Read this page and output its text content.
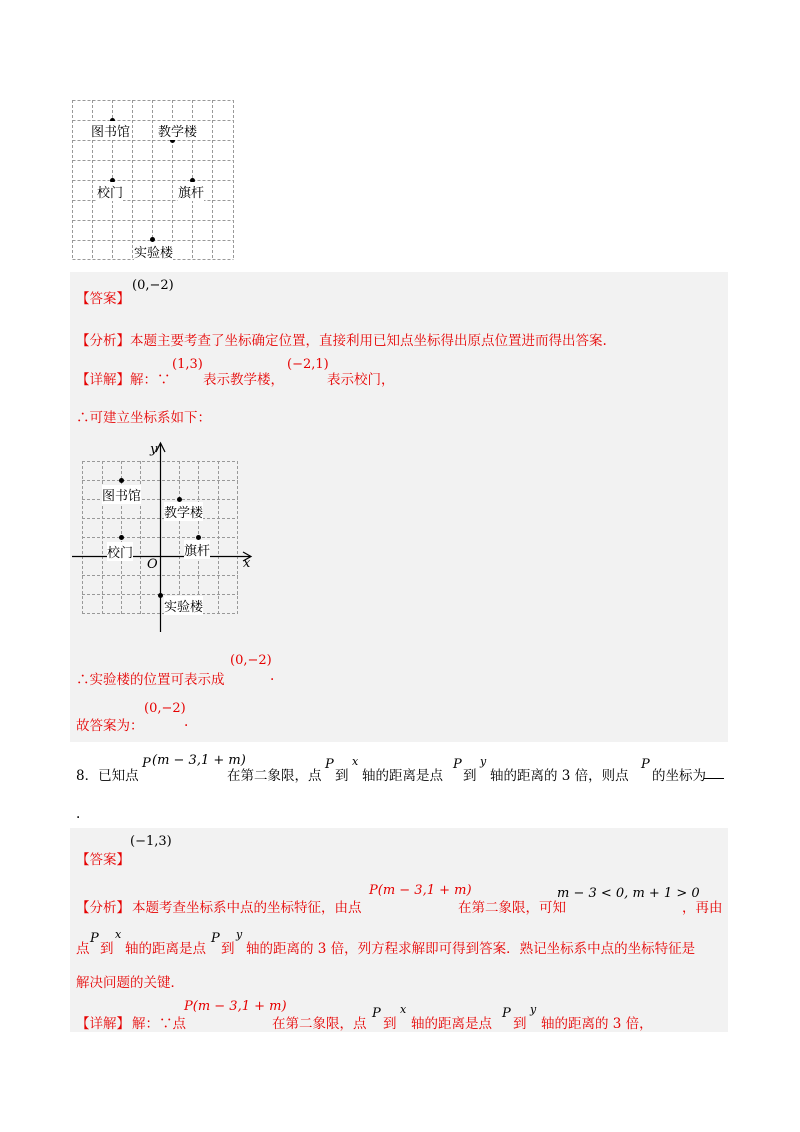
图书馆 教学楼
校门	旗杆
实验楼
【答案】
(0,−2)
【分析】本题主要考查了坐标确定位置，直接利用已知点坐标得出原点位置进而得出答案.
【详解】解：∵
(1,3)
表示教学楼，
(−2,1)
表示校门，
∴可建立坐标系如下：
y
x
O
图书馆
教学楼
校门	旗杆
实验楼
∴实验楼的位置可表示成
(0,−2)
.
故答案为：
(0,−2)
.
8．已知点
P (m − 3,1 + m)
在第二象限，点
P
到
x
轴的距离是点
P
到
y
轴的距离的 3 倍，则点
P
的坐标为
.
【答案】
(−1,3)
【分析】 本题考查坐标系中点的坐标特征，由点
P(m − 3,1 + m)
在第二象限，可知
m − 3 < 0, m + 1 > 0
，再由
点
P
到
x
轴的距离是点
P
到
y
轴的距离的 3 倍，列方程求解即可得到答案．熟记坐标系中点的坐标特征是
解决问题的关键．
【详解】 解：∵点
P(m − 3,1 + m)
在第二象限，点
P
到
x
轴的距离是点
P
到
y
轴的距离的 3 倍，
